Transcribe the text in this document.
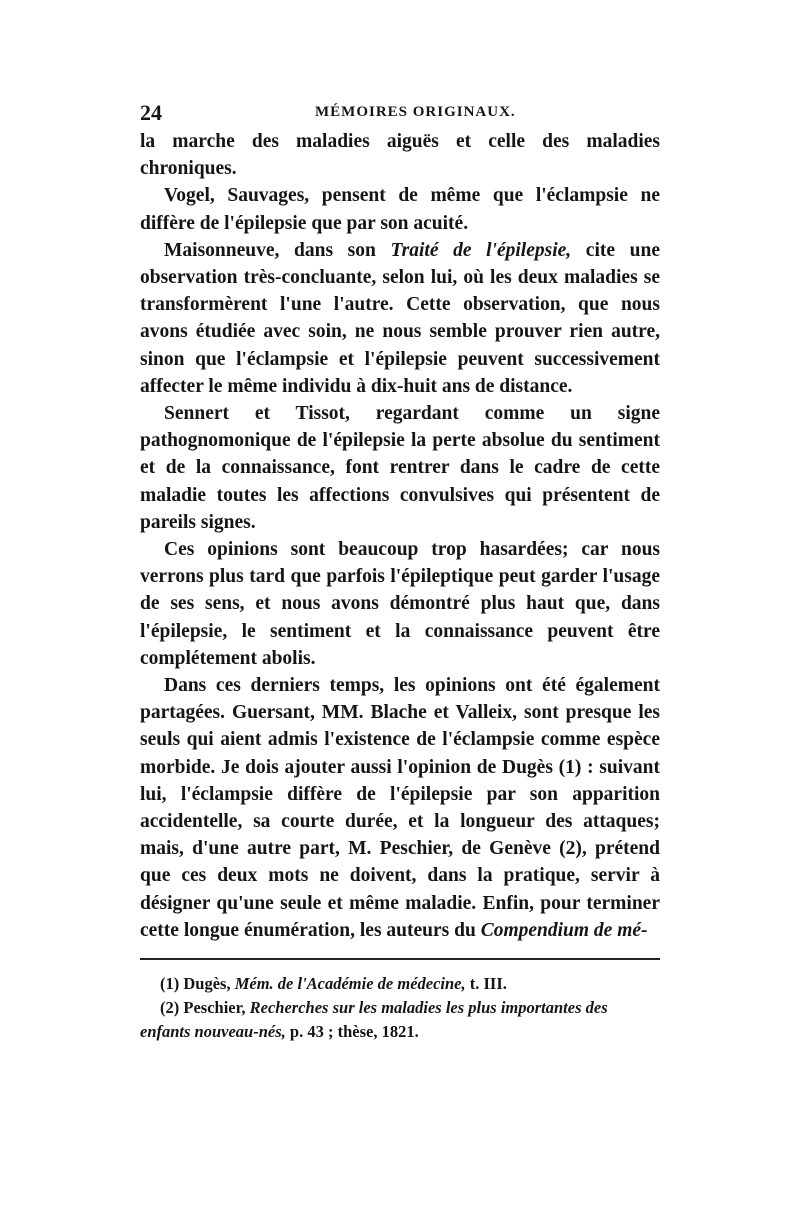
24	MÉMOIRES ORIGINAUX.

la marche des maladies aiguës et celle des maladies chroniques.

Vogel, Sauvages, pensent de même que l'éclampsie ne diffère de l'épilepsie que par son acuité.

Maisonneuve, dans son Traité de l'épilepsie, cite une observation très-concluante, selon lui, où les deux maladies se transformèrent l'une l'autre. Cette observation, que nous avons étudiée avec soin, ne nous semble prouver rien autre, sinon que l'éclampsie et l'épilepsie peuvent successivement affecter le même individu à dix-huit ans de distance.

Sennert et Tissot, regardant comme un signe pathognomonique de l'épilepsie la perte absolue du sentiment et de la connaissance, font rentrer dans le cadre de cette maladie toutes les affections convulsives qui présentent de pareils signes.

Ces opinions sont beaucoup trop hasardées; car nous verrons plus tard que parfois l'épileptique peut garder l'usage de ses sens, et nous avons démontré plus haut que, dans l'épilepsie, le sentiment et la connaissance peuvent être complétement abolis.

Dans ces derniers temps, les opinions ont été également partagées. Guersant, MM. Blache et Valleix, sont presque les seuls qui aient admis l'existence de l'éclampsie comme espèce morbide. Je dois ajouter aussi l'opinion de Dugès (1) : suivant lui, l'éclampsie diffère de l'épilepsie par son apparition accidentelle, sa courte durée, et la longueur des attaques; mais, d'une autre part, M. Peschier, de Genève (2), prétend que ces deux mots ne doivent, dans la pratique, servir à désigner qu'une seule et même maladie. Enfin, pour terminer cette longue énumération, les auteurs du Compendium de mé-

(1) Dugès, Mém. de l'Académie de médecine, t. III.

(2) Peschier, Recherches sur les maladies les plus importantes des enfants nouveau-nés, p. 43 ; thèse, 1821.
